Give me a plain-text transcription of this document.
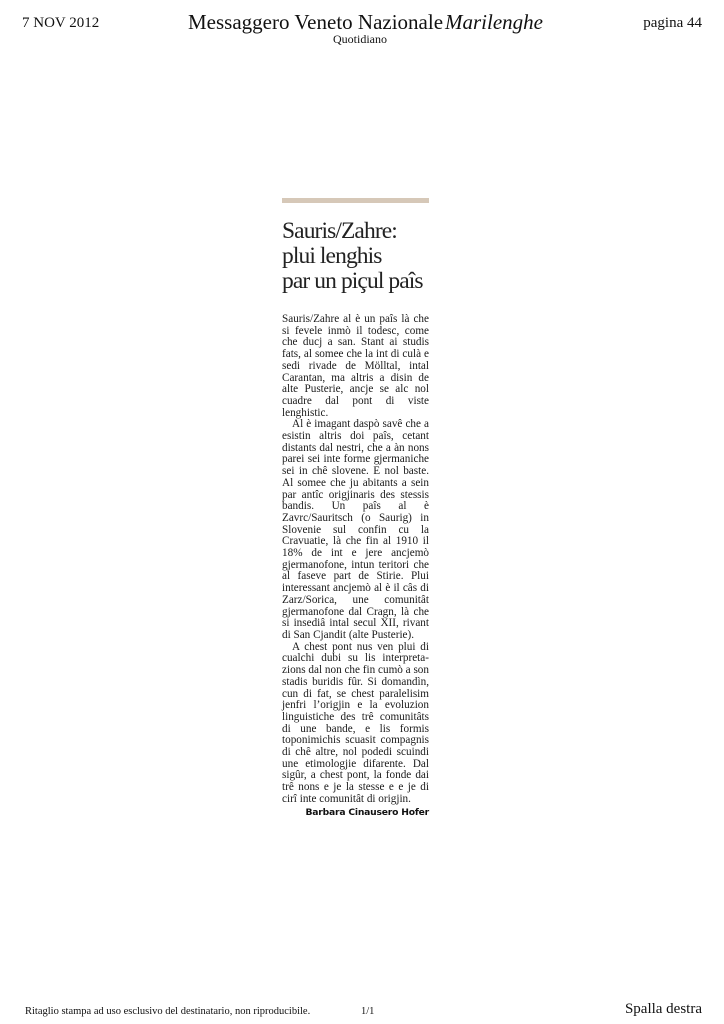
7 NOV 2012	Messaggero Veneto Nazionale Marilenghe	pagina 44
Quotidiano
Sauris/Zahre:
plui lenghis
par un piçul paîs

Sauris/Zahre al è un paîs là che si fevele inmò il todesc, come che ducj a san. Stant ai studis fats, al somee che la int di culà e sedi rivade de Mölltal, intal Carantan, ma altris a disin de alte Pusterie, ancje se alc nol cuadre dal pont di viste lenghistic.

Al è imagant daspò savê che a esistin altris doi paîs, cetant distants dal nestri, che a àn nons parei sei inte forme gjermaniche sei in chê slovene. E nol baste. Al somee che ju abitants a sein par antîc origjinaris des stessis bandis. Un paîs al è Zavrc/Sauritsch (o Saurig) in Slovenie sul confin cu la Cravuatie, là che fin al 1910 il 18% de int e jere ancjemò gjermanofone, intun teritori che al faseve part de Stirie. Plui interessant ancjemò al è il câs di Zarz/Sorica, une comunitât gjermanofone dal Cragn, là che si insediâ intal secul XII, rivant di San Cjandit (alte Pusterie).

A chest pont nus ven plui di cualchi dubi su lis interpretazions dal non che fin cumò a son stadis buridis fûr. Si domandìn, cun di fat, se chest paralelisim jenfri l’origjin e la evoluzion linguistiche des trê comunitâts di une bande, e lis formis toponimichis scuasit compagnis di chê altre, nol podedi scuindi une etimologjie difarente. Dal sigûr, a chest pont, la fonde dai trê nons e je la stesse e e je di cirî inte comunitât di origjin.

Barbara Cinausero Hofer
Ritaglio stampa ad uso esclusivo del destinatario, non riproducibile.	1/1	Spalla destra
